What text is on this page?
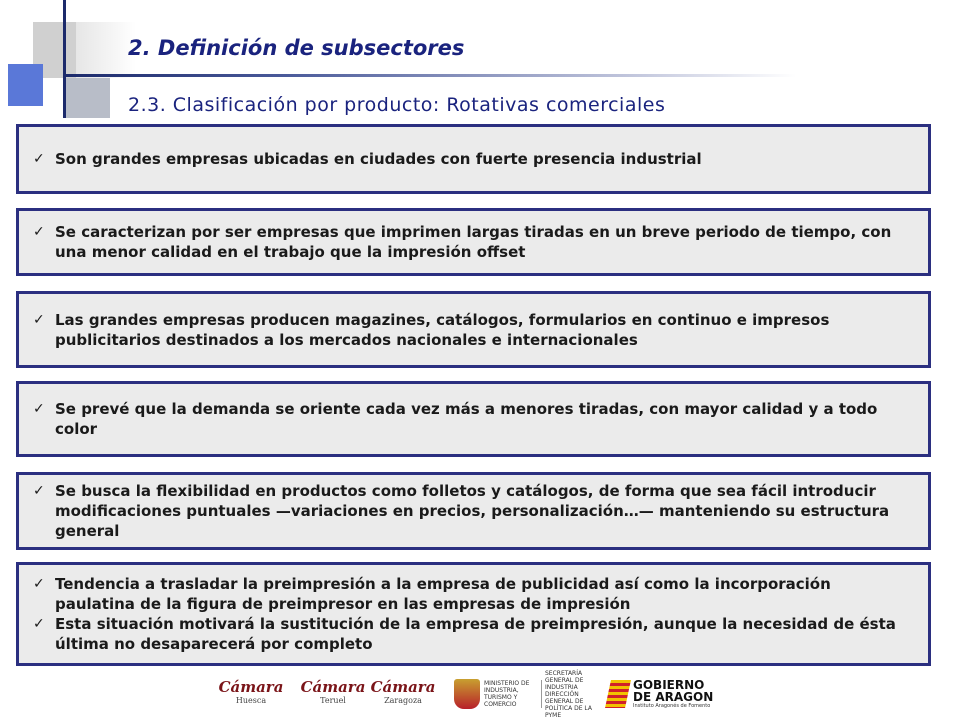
2. Definición de subsectores
2.3. Clasificación por producto: Rotativas comerciales
✓ Son grandes empresas ubicadas en ciudades con fuerte presencia industrial
✓ Se caracterizan por ser empresas que imprimen largas tiradas en un breve periodo de tiempo, con una menor calidad en el trabajo que la impresión offset
✓ Las grandes empresas producen magazines, catálogos, formularios en continuo e impresos publicitarios destinados a los mercados nacionales e internacionales
✓ Se prevé que la demanda se oriente cada vez más a menores tiradas, con mayor calidad y a todo color
✓ Se busca la flexibilidad en productos como folletos y catálogos, de forma que sea fácil introducir modificaciones puntuales —variaciones en precios, personalización…— manteniendo su estructura general
✓ Tendencia a trasladar la preimpresión a la empresa de publicidad así como la incorporación paulatina de la figura de preimpresor en las empresas de impresión
✓ Esta situación motivará la sustitución de la empresa de preimpresión, aunque la necesidad de ésta última no desaparecerá por completo
Cámara
Huesca
Cámara
Teruel
Cámara
Zaragoza
MINISTERIO DE INDUSTRIA, TURISMO Y COMERCIO
SECRETARÍA GENERAL DE INDUSTRIA DIRECCIÓN GENERAL DE POLÍTICA DE LA PYME
GOBIERNO
DE ARAGON
Instituto Aragonés de Fomento
